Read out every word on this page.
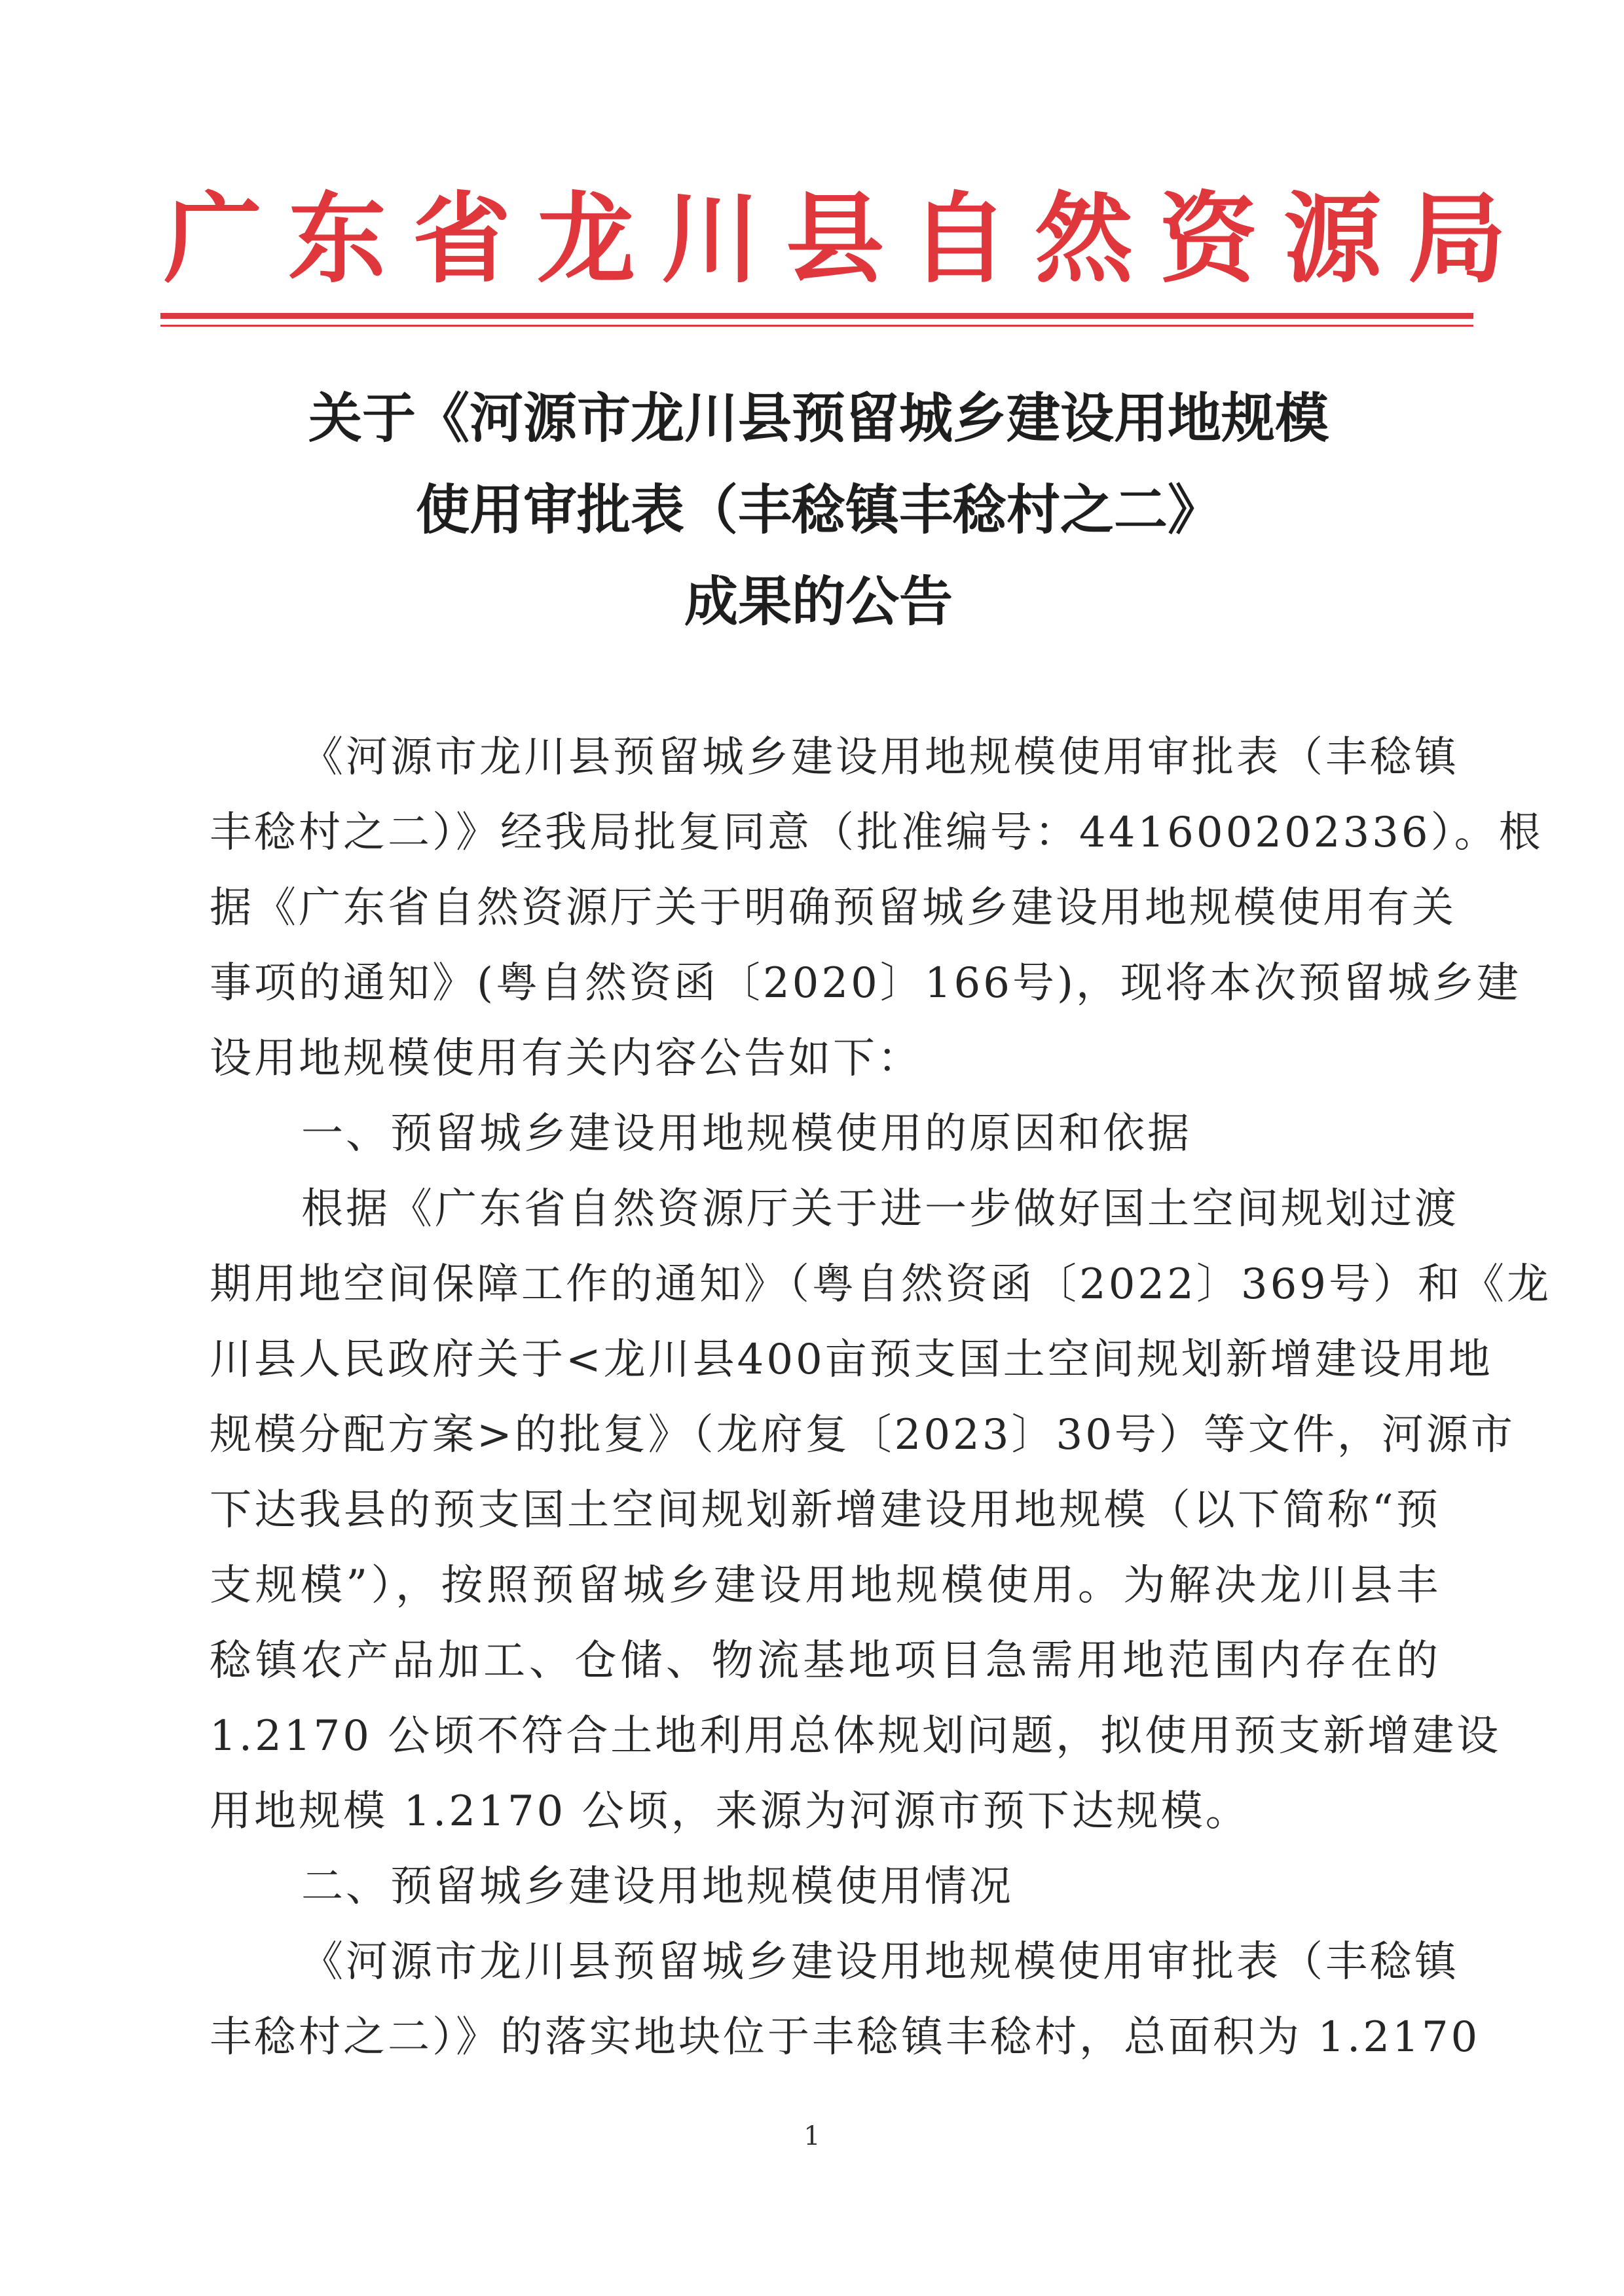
广东省龙川县自然资源局
关于《河源市龙川县预留城乡建设用地规模
使用审批表（丰稔镇丰稔村之二》
成果的公告
《河源市龙川县预留城乡建设用地规模使用审批表（丰稔镇
丰稔村之二）》经我局批复同意（批准编号：441600202336）。根
据《广东省自然资源厅关于明确预留城乡建设用地规模使用有关
事项的通知》(粤自然资函〔2020〕166号)，现将本次预留城乡建
设用地规模使用有关内容公告如下：
一、预留城乡建设用地规模使用的原因和依据
根据《广东省自然资源厅关于进一步做好国土空间规划过渡
期用地空间保障工作的通知》（粤自然资函〔2022〕369号）和《龙
川县人民政府关于<龙川县400亩预支国土空间规划新增建设用地
规模分配方案>的批复》（龙府复〔2023〕30号）等文件，河源市
下达我县的预支国土空间规划新增建设用地规模（以下简称“预
支规模”），按照预留城乡建设用地规模使用。为解决龙川县丰
稔镇农产品加工、仓储、物流基地项目急需用地范围内存在的
1.2170 公顷不符合土地利用总体规划问题，拟使用预支新增建设
用地规模 1.2170 公顷，来源为河源市预下达规模。
二、预留城乡建设用地规模使用情况
《河源市龙川县预留城乡建设用地规模使用审批表（丰稔镇
丰稔村之二）》的落实地块位于丰稔镇丰稔村，总面积为 1.2170
1
